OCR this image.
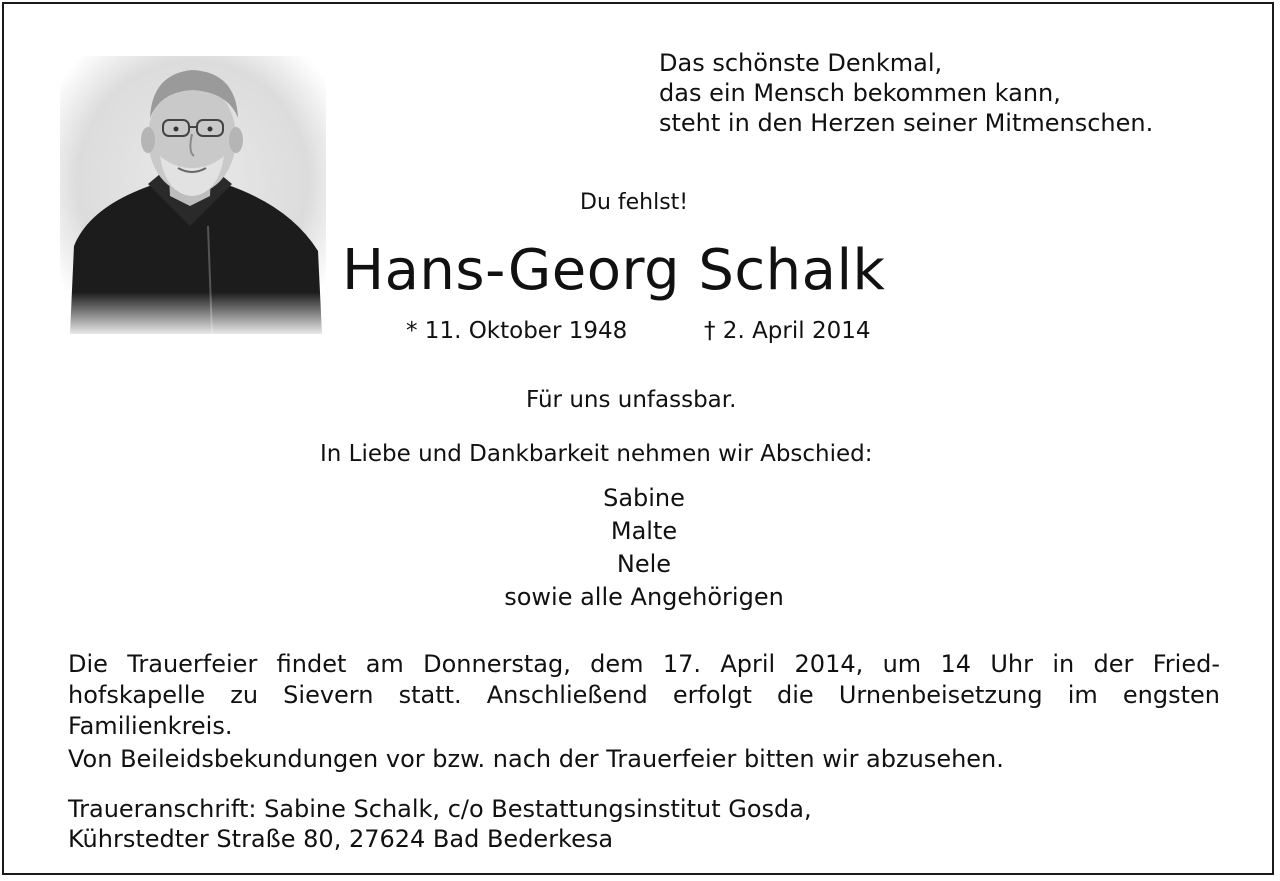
Das schönste Denkmal,
das ein Mensch bekommen kann,
steht in den Herzen seiner Mitmenschen.
Du fehlst!
Hans-Georg Schalk
* 11. Oktober 1948	† 2. April 2014
Für uns unfassbar.
In Liebe und Dankbarkeit nehmen wir Abschied:
Sabine
Malte
Nele
sowie alle Angehörigen
Die Trauerfeier findet am Donnerstag, dem 17. April 2014, um 14 Uhr in der Fried-
hofskapelle zu Sievern statt. Anschließend erfolgt die Urnenbeisetzung im engsten
Familienkreis.
Von Beileidsbekundungen vor bzw. nach der Trauerfeier bitten wir abzusehen.
Traueranschrift: Sabine Schalk, c/o Bestattungsinstitut Gosda,
Kührstedter Straße 80, 27624 Bad Bederkesa
